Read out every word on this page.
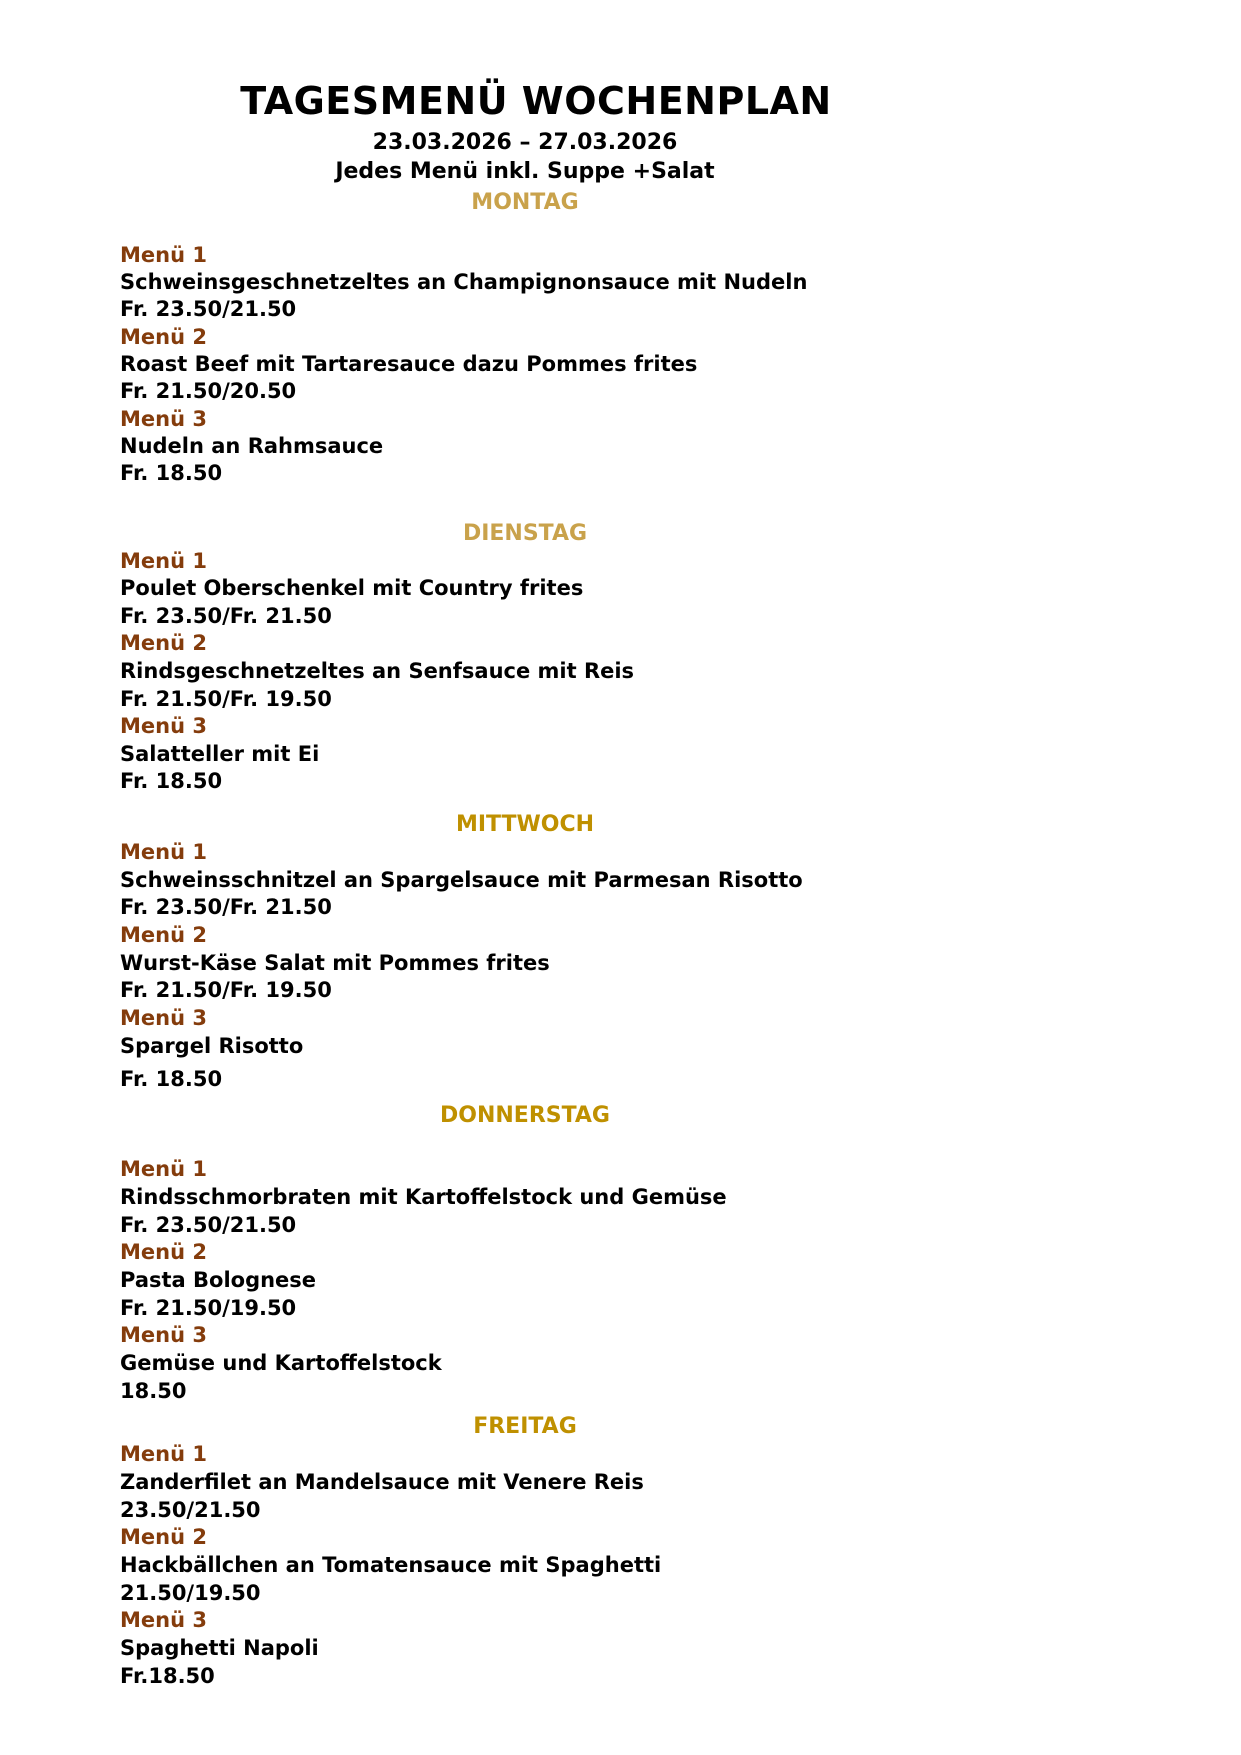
TAGESMENÜ WOCHENPLAN
23.03.2026 – 27.03.2026
Jedes Menü inkl. Suppe +Salat
MONTAG
Menü 1
Schweinsgeschnetzeltes an Champignonsauce mit Nudeln
Fr. 23.50/21.50
Menü 2
Roast Beef mit Tartaresauce dazu Pommes frites
Fr. 21.50/20.50
Menü 3
Nudeln an Rahmsauce
Fr. 18.50
DIENSTAG
Menü 1
Poulet Oberschenkel mit Country frites
Fr. 23.50/Fr. 21.50
Menü 2
Rindsgeschnetzeltes an Senfsauce mit Reis
Fr. 21.50/Fr. 19.50
Menü 3
Salatteller mit Ei
Fr. 18.50
MITTWOCH
Menü 1
Schweinsschnitzel an Spargelsauce mit Parmesan Risotto
Fr. 23.50/Fr. 21.50
Menü 2
Wurst-Käse Salat mit Pommes frites
Fr. 21.50/Fr. 19.50
Menü 3
Spargel Risotto
Fr. 18.50
DONNERSTAG
Menü 1
Rindsschmorbraten mit Kartoffelstock und Gemüse
Fr. 23.50/21.50
Menü 2
Pasta Bolognese
Fr. 21.50/19.50
Menü 3
Gemüse und Kartoffelstock
18.50
FREITAG
Menü 1
Zanderfilet an Mandelsauce mit Venere Reis
23.50/21.50
Menü 2
Hackbällchen an Tomatensauce mit Spaghetti
21.50/19.50
Menü 3
Spaghetti Napoli
Fr.18.50
